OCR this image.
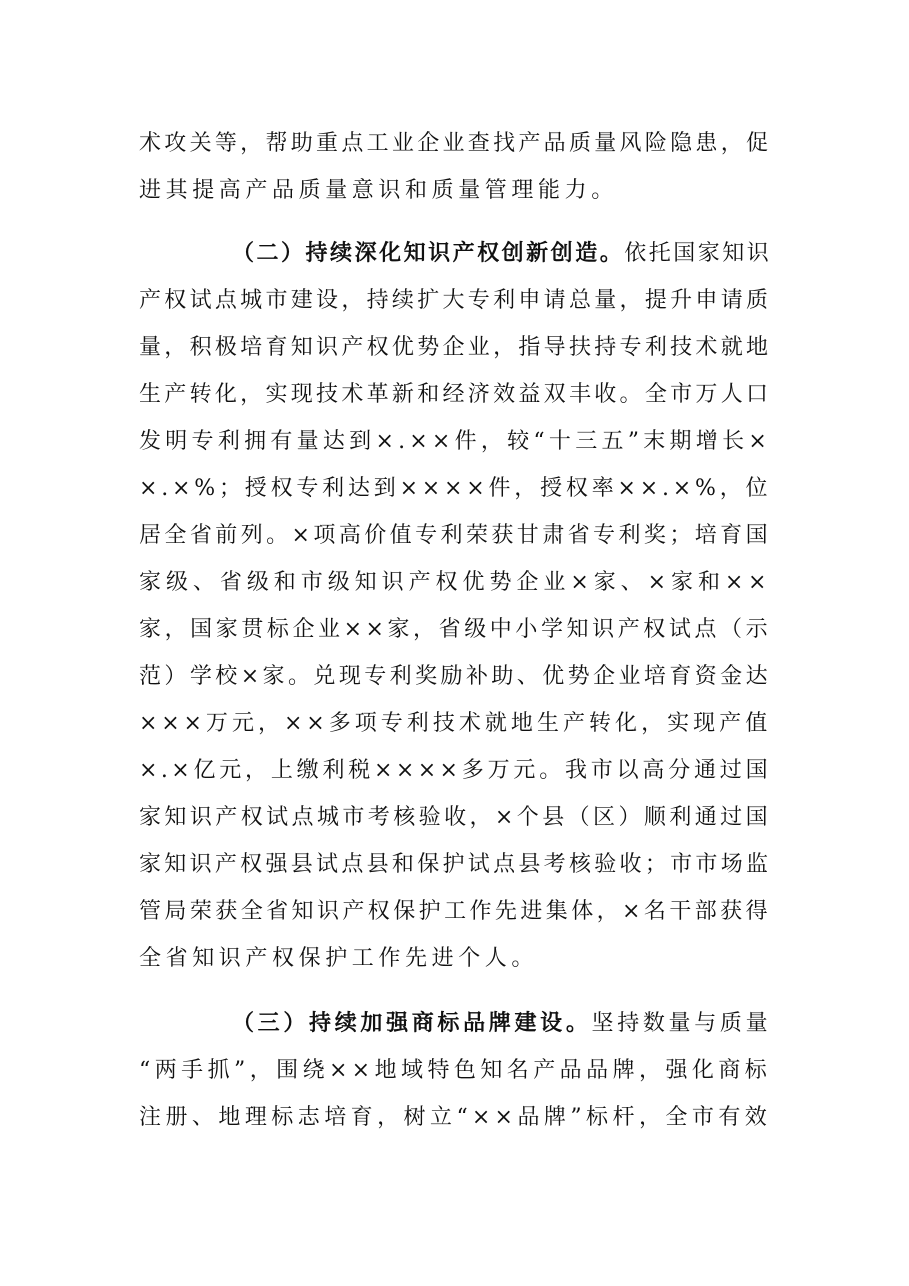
术攻关等，帮助重点工业企业查找产品质量风险隐患，促
进其提高产品质量意识和质量管理能力。
（二）持续深化知识产权创新创造。依托国家知识
产权试点城市建设，持续扩大专利申请总量，提升申请质
量，积极培育知识产权优势企业，指导扶持专利技术就地
生产转化，实现技术革新和经济效益双丰收。全市万人口
发明专利拥有量达到×.××件，较“十三五”末期增长×
×.×%；授权专利达到××××件，授权率××.×%，位
居全省前列。×项高价值专利荣获甘肃省专利奖；培育国
家级、省级和市级知识产权优势企业×家、×家和××
家，国家贯标企业××家，省级中小学知识产权试点（示
范）学校×家。兑现专利奖励补助、优势企业培育资金达
×××万元，××多项专利技术就地生产转化，实现产值
×.×亿元，上缴利税××××多万元。我市以高分通过国
家知识产权试点城市考核验收，×个县（区）顺利通过国
家知识产权强县试点县和保护试点县考核验收；市市场监
管局荣获全省知识产权保护工作先进集体，×名干部获得
全省知识产权保护工作先进个人。
（三）持续加强商标品牌建设。坚持数量与质量
“两手抓”，围绕××地域特色知名产品品牌，强化商标
注册、地理标志培育，树立“××品牌”标杆，全市有效
